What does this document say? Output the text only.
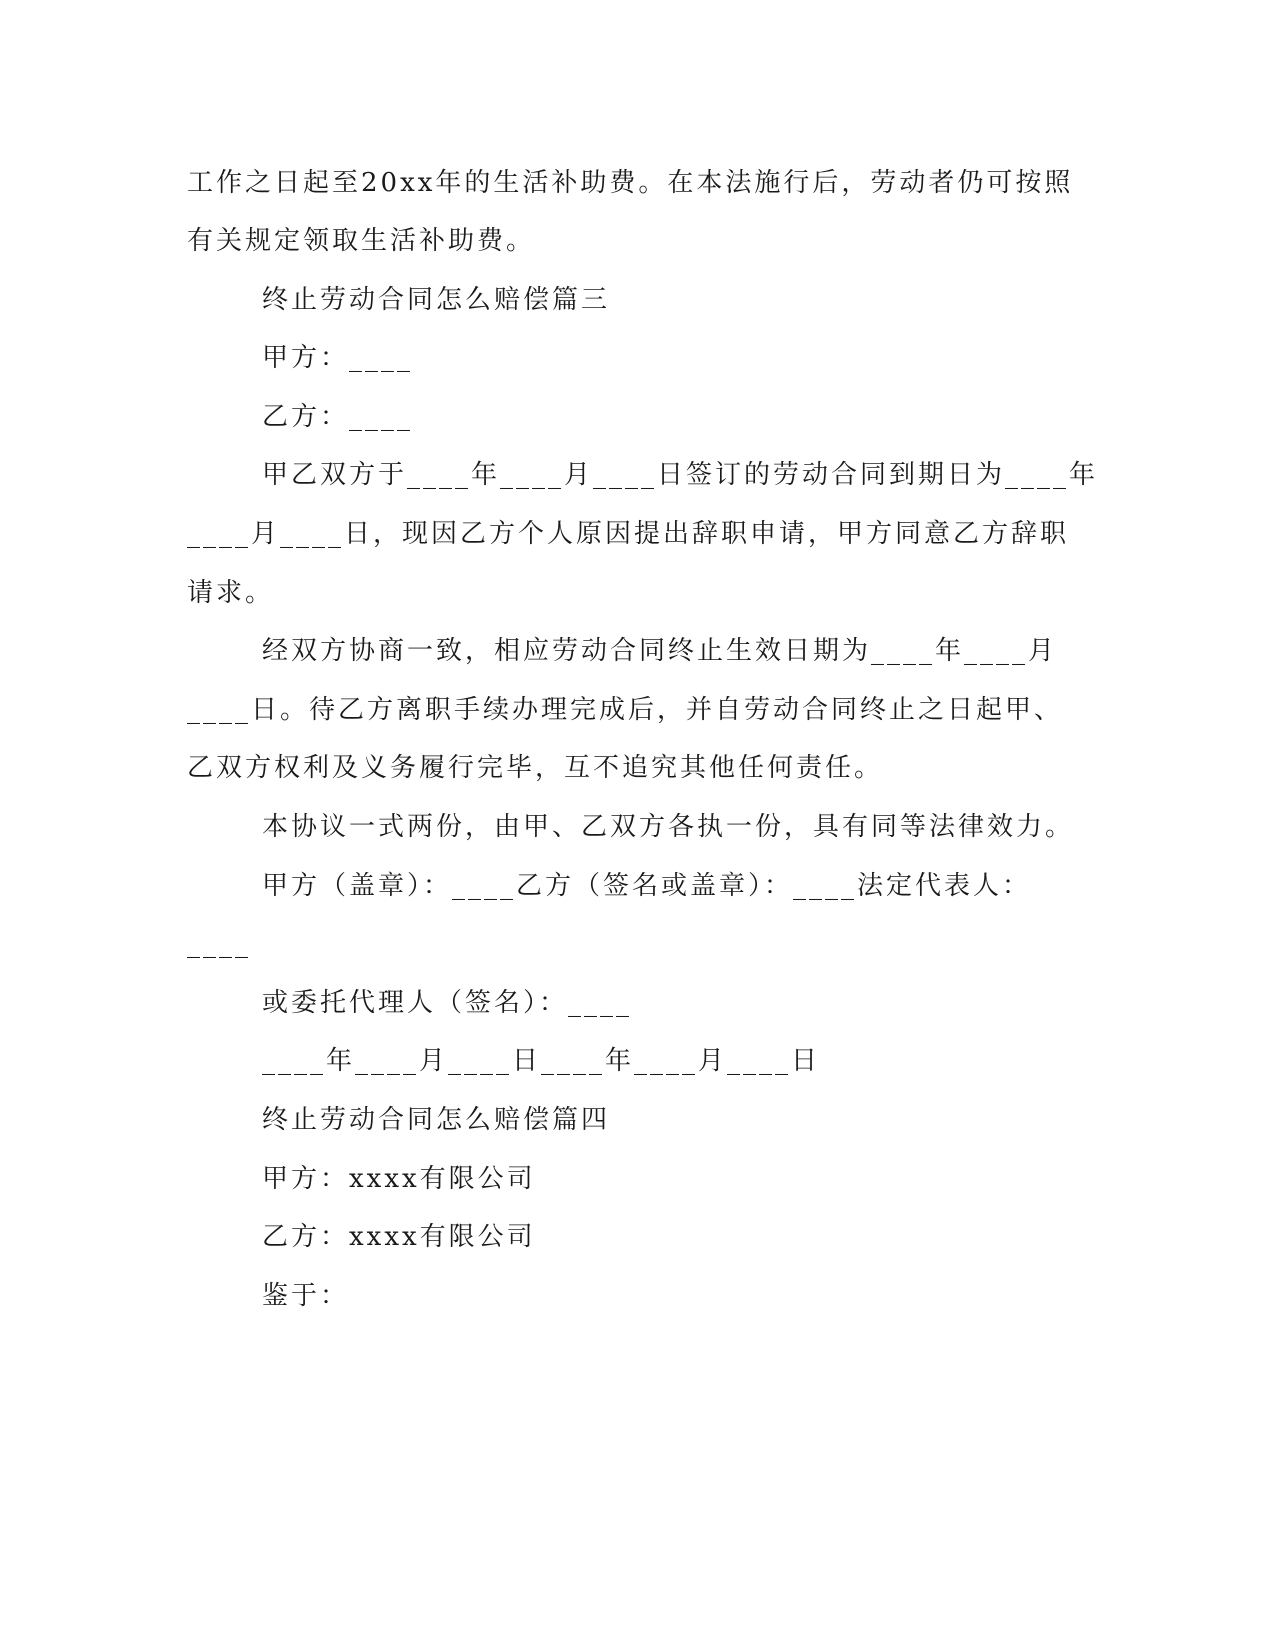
工作之日起至20xx年的生活补助费。在本法施行后，劳动者仍可按照
有关规定领取生活补助费。
终止劳动合同怎么赔偿篇三
甲方：____
乙方：____
甲乙双方于____年____月____日签订的劳动合同到期日为____年
____月____日，现因乙方个人原因提出辞职申请，甲方同意乙方辞职
请求。
经双方协商一致，相应劳动合同终止生效日期为____年____月
____日。待乙方离职手续办理完成后，并自劳动合同终止之日起甲、
乙双方权利及义务履行完毕，互不追究其他任何责任。
本协议一式两份，由甲、乙双方各执一份，具有同等法律效力。
甲方（盖章）：____乙方（签名或盖章）：____法定代表人：
____
或委托代理人（签名）：____
____年____月____日____年____月____日
终止劳动合同怎么赔偿篇四
甲方：xxxx有限公司
乙方：xxxx有限公司
鉴于：
